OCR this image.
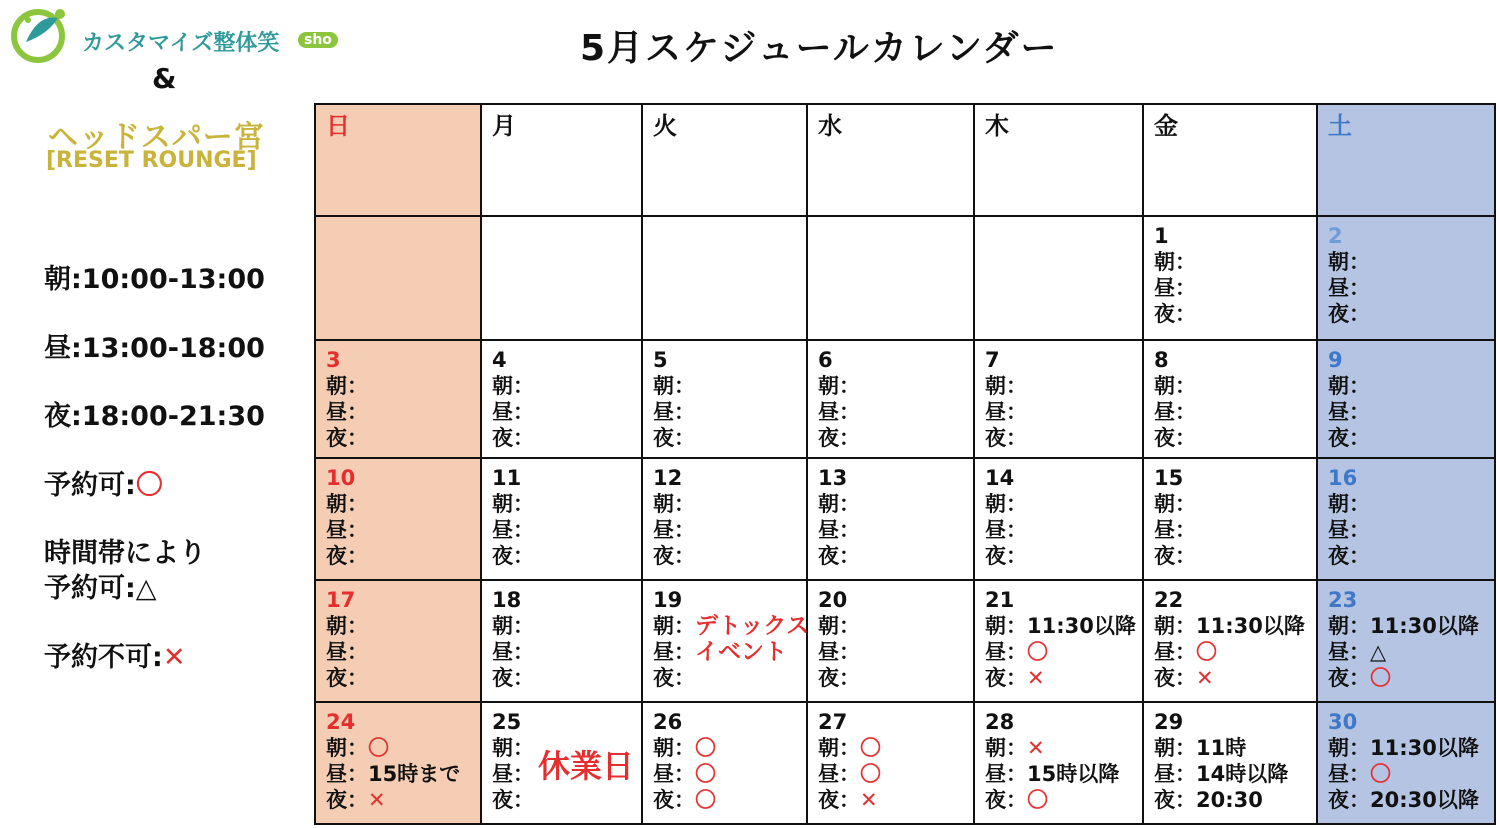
カスタマイズ整体笑	sho
&
ヘッドスパー宮
[RESET ROUNGE]
5月スケジュールカレンダー
朝:10:00-13:00
昼:13:00-18:00
夜:18:00-21:30
予約可:〇
時間帯により
予約可:△
予約不可:✕
日	月	火	水	木	金	土

					1
朝：
昼：
夜：	2
朝：
昼：
夜：

3
朝：
昼：
夜：	4
朝：
昼：
夜：	5
朝：
昼：
夜：	6
朝：
昼：
夜：	7
朝：
昼：
夜：	8
朝：
昼：
夜：	9
朝：
昼：
夜：

10
朝：
昼：
夜：	11
朝：
昼：
夜：	12
朝：
昼：
夜：	13
朝：
昼：
夜：	14
朝：
昼：
夜：	15
朝：
昼：
夜：	16
朝：
昼：
夜：

17
朝：
昼：
夜：	18
朝：
昼：
夜：	19
朝：デトックス
昼：イベント
夜：	20
朝：
昼：
夜：	21
朝：11:30以降
昼：〇
夜：✕	22
朝：11:30以降
昼：〇
夜：✕	23
朝：11:30以降
昼：△
夜：〇

24
朝：〇
昼：15時まで
夜：✕	25
朝：
昼：
夜：
休業日	26
朝：〇
昼：〇
夜：〇	27
朝：〇
昼：〇
夜：✕	28
朝：✕
昼：15時以降
夜：〇	29
朝：11時
昼：14時以降
夜：20:30	30
朝：11:30以降
昼：〇
夜：20:30以降
